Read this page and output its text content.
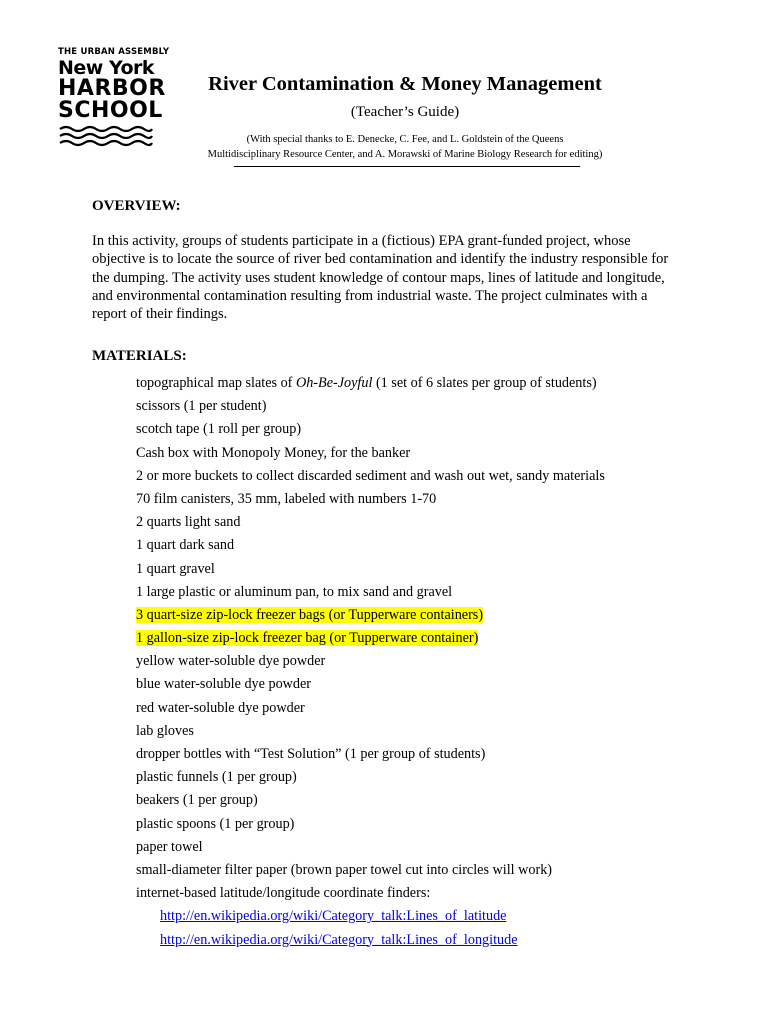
THE URBAN ASSEMBLY
New York
HARBOR
SCHOOL
River Contamination & Money Management
(Teacher’s Guide)
(With special thanks to E. Denecke, C. Fee, and L. Goldstein of the Queens
Multidisciplinary Resource Center, and A. Morawski of Marine Biology Research for editing)
OVERVIEW:

In this activity, groups of students participate in a (fictious) EPA grant-funded project, whose objective is to locate the source of river bed contamination and identify the industry responsible for the dumping. The activity uses student knowledge of contour maps, lines of latitude and longitude, and environmental contamination resulting from industrial waste. The project culminates with a report of their findings.

MATERIALS:
topographical map slates of Oh-Be-Joyful (1 set of 6 slates per group of students)
scissors (1 per student)
scotch tape (1 roll per group)
Cash box with Monopoly Money, for the banker
2 or more buckets to collect discarded sediment and wash out wet, sandy materials
70 film canisters, 35 mm, labeled with numbers 1-70
2 quarts light sand
1 quart dark sand
1 quart gravel
1 large plastic or aluminum pan, to mix sand and gravel
3 quart-size zip-lock freezer bags (or Tupperware containers)
1 gallon-size zip-lock freezer bag (or Tupperware container)
yellow water-soluble dye powder
blue water-soluble dye powder
red water-soluble dye powder
lab gloves
dropper bottles with “Test Solution” (1 per group of students)
plastic funnels (1 per group)
beakers (1 per group)
plastic spoons (1 per group)
paper towel
small-diameter filter paper (brown paper towel cut into circles will work)
internet-based latitude/longitude coordinate finders:
http://en.wikipedia.org/wiki/Category_talk:Lines_of_latitude
http://en.wikipedia.org/wiki/Category_talk:Lines_of_longitude
